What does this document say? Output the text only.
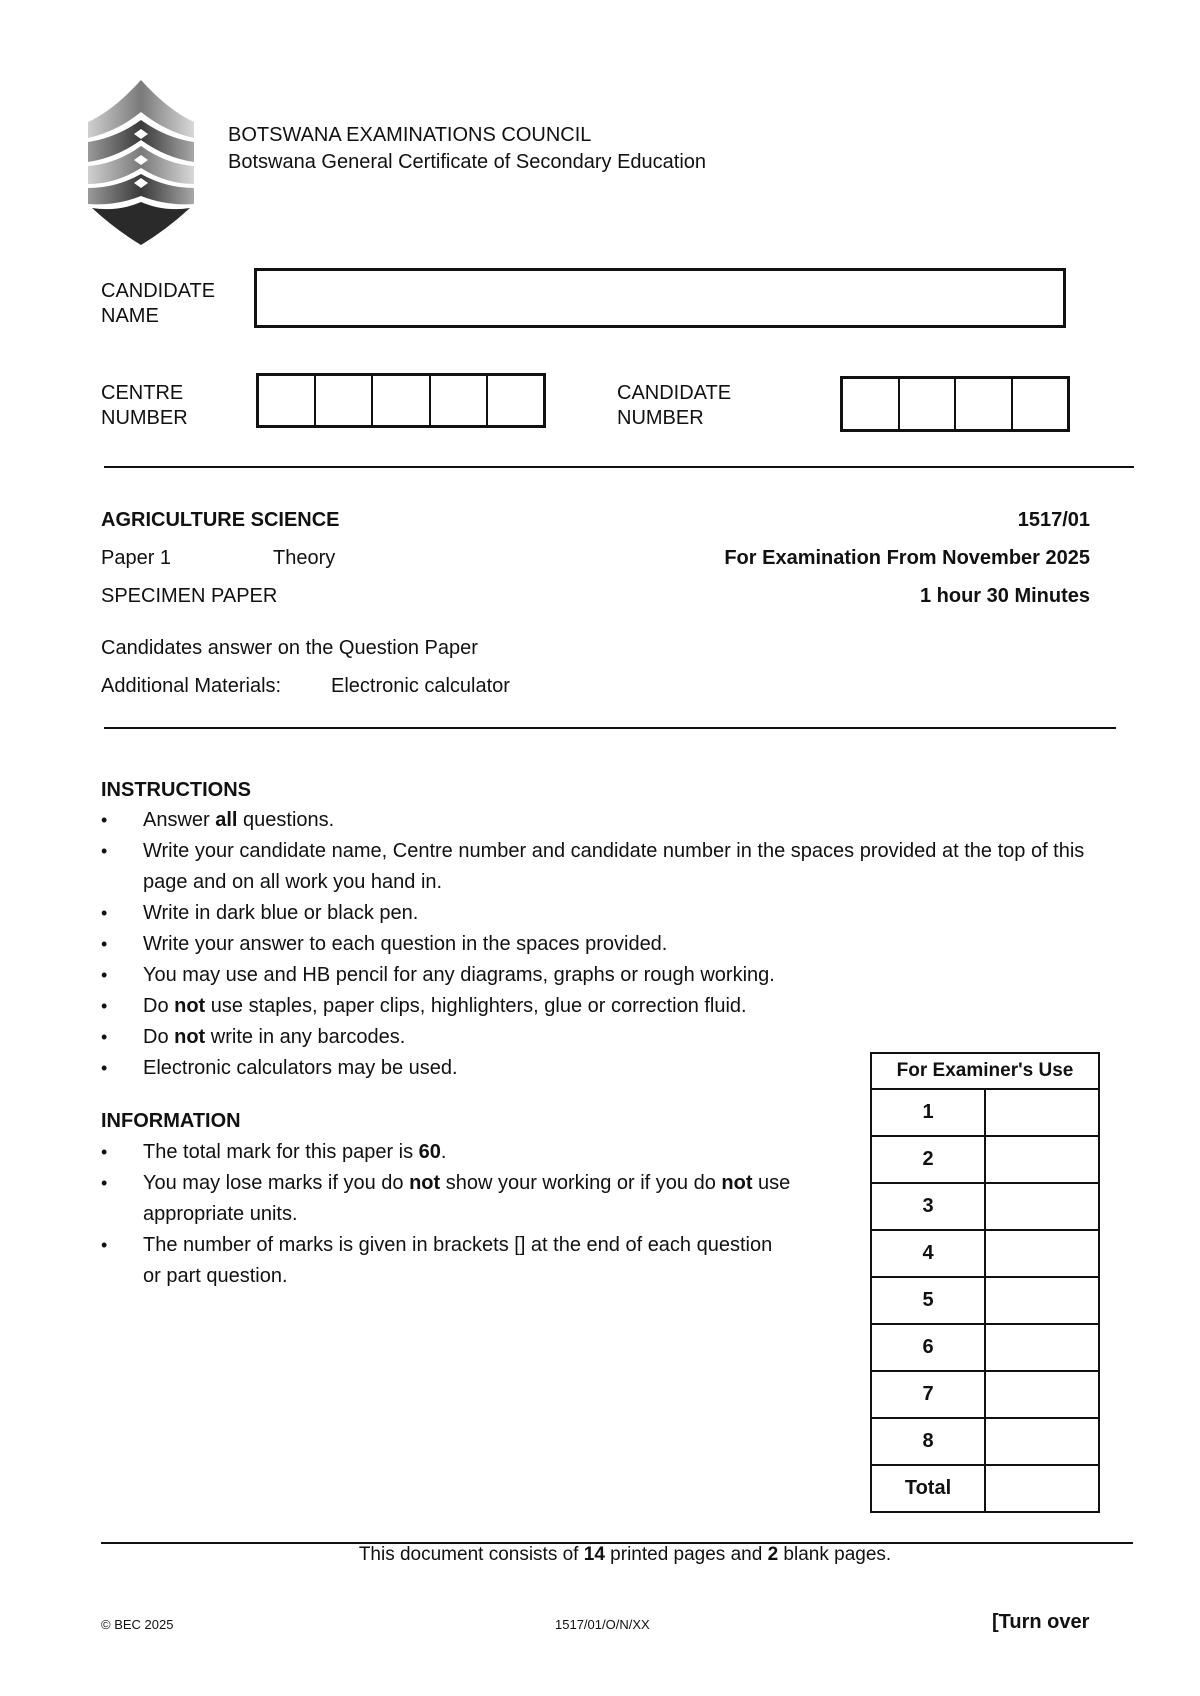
BOTSWANA EXAMINATIONS COUNCIL
Botswana General Certificate of Secondary Education
CANDIDATE
NAME
CENTRE
NUMBER
CANDIDATE
NUMBER
AGRICULTURE SCIENCE	1517/01
Paper 1	Theory	For Examination From November 2025
SPECIMEN PAPER	1 hour 30 Minutes
Candidates answer on the Question Paper
Additional Materials: Electronic calculator
INSTRUCTIONS
• Answer all questions.
• Write your candidate name, Centre number and candidate number in the spaces provided at the top of this page and on all work you hand in.
• Write in dark blue or black pen.
• Write your answer to each question in the spaces provided.
• You may use and HB pencil for any diagrams, graphs or rough working.
• Do not use staples, paper clips, highlighters, glue or correction fluid.
• Do not write in any barcodes.
• Electronic calculators may be used.
INFORMATION
• The total mark for this paper is 60.
• You may lose marks if you do not show your working or if you do not use appropriate units.
• The number of marks is given in brackets [] at the end of each question or part question.
For Examiner's Use	
1	
2	
3	
4	
5	
6	
7	
8	
Total	
This document consists of 14 printed pages and 2 blank pages.
© BEC 2025	1517/01/O/N/XX	[Turn over
